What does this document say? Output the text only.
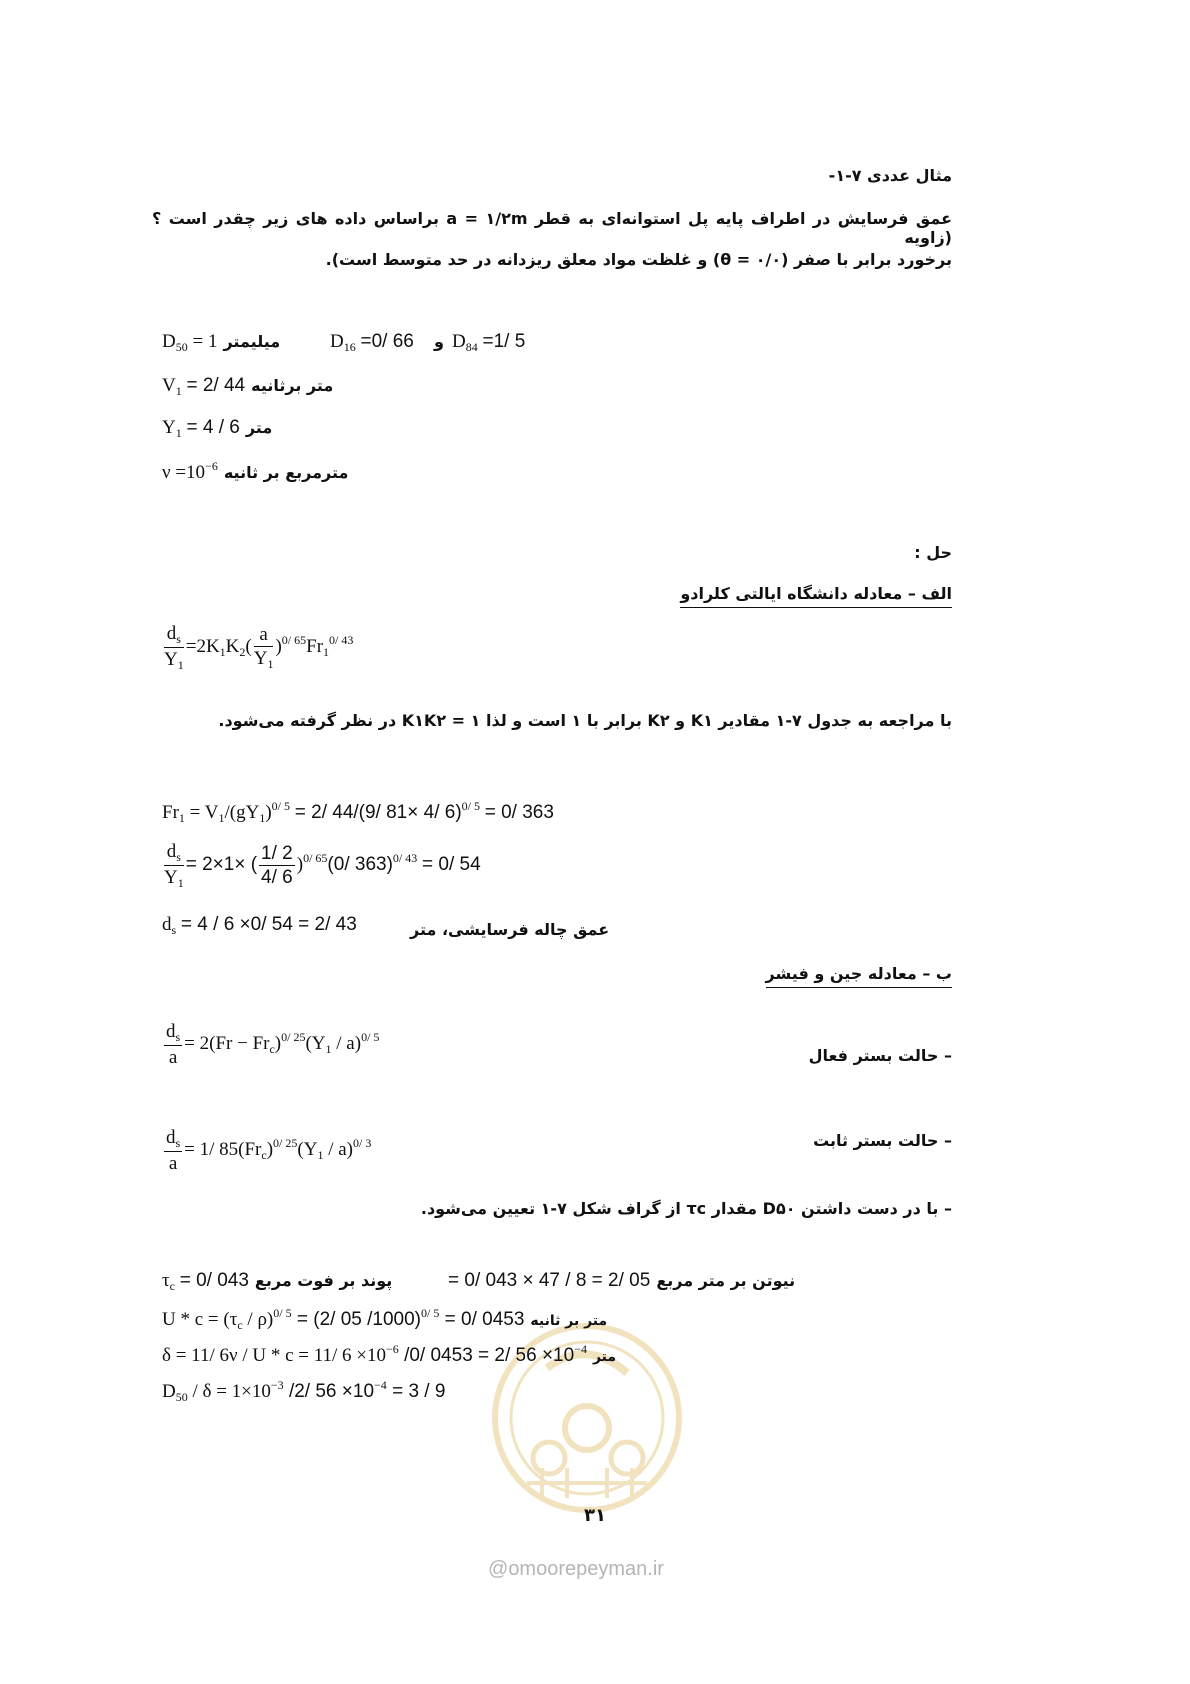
مثال عددی ۷-۱-
عمق فرسایش در اطراف پایه پل استوانه‌ای به قطر a = ۱/۲m براساس داده های زیر چقدر است ؟ (زاویه
برخورد برابر با صفر (θ = ۰/۰) و غلظت مواد معلق ریزدانه در حد متوسط است).
$D_{50} = 1$ میلیمتر	$D_{16} =0/$ 66 و $D_{84} =1/$ 5
$V_1 = 2/$ 44 متر برثانیه
$Y_1 = 4 / 6$ متر
$\nu =10^{-6}$ مترمربع بر ثانیه
حل :
الف – معادله دانشگاه ایالتی کلرادو
$\frac{d_s}{Y_1} =2K_1K_2( \frac{a}{Y_1} )^{0/ 65}Fr_1^{0/ 43}$
با مراجعه به جدول ۷-۱ مقادیر K۱ و K۲ برابر با ۱ است و لذا ۱ = K۱K۲ در نظر گرفته می‌شود.
$Fr_1 = V_1/(gY_1)^{0/ 5} = 2/$ 44/(9/ 81× 4/ 6)$^{0/ 5}$ = 0/ 363
$\frac{d_s}{Y_1} = 2\times 1\times$ ( $\frac{1/ 2}{4/ 6} )^{0/ 65}(0/$ 363)$^{0/ 43}$ = 0/ 54
$d_s = 4 / 6 \times 0/$ 54 = 2/ 43	عمق چاله فرسایشی، متر
ب – معادله جین و فیشر
$\frac{d_s}{a} = 2(Fr - Fr_c)^{0/ 25}(Y_1 / a)^{0/ 5}$
– حالت بستر فعال
$\frac{d_s}{a} = 1/$ $85(Fr_c)^{0/ 25}(Y_1 / a)^{0/ 3}$	– حالت بستر ثابت
– با در دست داشتن D۵۰ مقدار τc از گراف شکل ۷-۱ تعیین می‌شود.
$\tau_c = 0/$ 043 پوند بر فوت مربع	= 0/ 043 × 47 / 8 = 2/ 05 نیوتن بر متر مربع
$U * c = (\tau_c / \rho)^{0/ 5} = (2/$ 05 /1000)$^{0/ 5}$ = 0/ 0453 متر بر ثانیه
δ = 11/ 6ν / U * c = 11/ $6 \times 10^{-6}$ /0/ 0453 = 2/ $56 \times 10^{-4}$ متر
$D_{50} / \delta = 1\times 10^{-3}$ /2/ $56 \times 10^{-4} = 3 / 9$
۳۱
@omoorepeyman.ir
